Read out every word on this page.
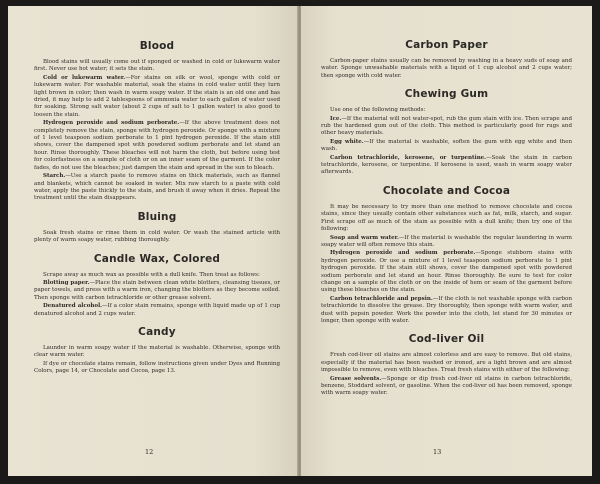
Blood

Blood stains will usually come out if sponged or washed in cold or lukewarm water first. Never use hot water; it sets the stain.

Cold or lukewarm water.—For stains on silk or wool, sponge with cold or lukewarm water. For washable material, soak the stains in cold water until they turn light brown in color; then wash in warm soapy water. If the stain is an old one and has dried, it may help to add 2 tablespoons of ammonia water to each gallon of water used for soaking. Strong salt water (about 2 cups of salt to 1 gallon water) is also good to loosen the stain.

Hydrogen peroxide and sodium perborate.—If the above treatment does not completely remove the stain, sponge with hydrogen peroxide. Or sponge with a mixture of 1 level teaspoon sodium perborate to 1 pint hydrogen peroxide. If the stain still shows, cover the dampened spot with powdered sodium perborate and let stand an hour. Rinse thoroughly. These bleaches will not harm the cloth, but before using test for colorfastness on a sample of cloth or on an inner seam of the garment. If the color fades, do not use the bleaches; just dampen the stain and spread in the sun to bleach.

Starch.—Use a starch paste to remove stains on thick materials, such as flannel and blankets, which cannot be soaked in water. Mix raw starch to a paste with cold water, apply the paste thickly to the stain, and brush it away when it dries. Repeat the treatment until the stain disappears.

Bluing

Soak fresh stains or rinse them in cold water. Or wash the stained article with plenty of warm soapy water, rubbing thoroughly.

Candle Wax, Colored

Scrape away as much wax as possible with a dull knife. Then treat as follows:

Blotting paper.—Place the stain between clean white blotters, cleansing tissues, or paper towels, and press with a warm iron, changing the blotters as they become soiled. Then sponge with carbon tetrachloride or other grease solvent.

Denatured alcohol.—If a color stain remains, sponge with liquid made up of 1 cup denatured alcohol and 2 cups water.

Candy

Launder in warm soapy water if the material is washable. Otherwise, sponge with clear warm water.

If dye or chocolate stains remain, follow instructions given under Dyes and Running Colors, page 14, or Chocolate and Cocoa, page 13.

12
Carbon Paper

Carbon-paper stains usually can be removed by washing in a heavy suds of soap and water. Sponge unwashable materials with a liquid of 1 cup alcohol and 2 cups water; then sponge with cold water.

Chewing Gum

Use one of the following methods:

Ice.—If the material will not water-spot, rub the gum stain with ice. Then scrape and rub the hardened gum out of the cloth. This method is particularly good for rugs and other heavy materials.

Egg white.—If the material is washable, soften the gum with egg white and then wash.

Carbon tetrachloride, kerosene, or turpentine.—Soak the stain in carbon tetrachloride, kerosene, or turpentine. If kerosene is used, wash in warm soapy water afterwards.

Chocolate and Cocoa

It may be necessary to try more than one method to remove chocolate and cocoa stains, since they usually contain other substances such as fat, milk, starch, and sugar. First scrape off as much of the stain as possible with a dull knife; then try one of the following:

Soap and warm water.—If the material is washable the regular laundering in warm soapy water will often remove this stain.

Hydrogen peroxide and sodium perborate.—Sponge stubborn stains with hydrogen peroxide. Or use a mixture of 1 level teaspoon sodium perborate to 1 pint hydrogen peroxide. If the stain still shows, cover the dampened spot with powdered sodium perborate and let stand an hour. Rinse thoroughly. Be sure to test for color change on a sample of the cloth or on the inside of hem or seam of the garment before using these bleaches on the stain.

Carbon tetrachloride and pepsin.—If the cloth is not washable sponge with carbon tetrachloride to dissolve the grease. Dry thoroughly, then sponge with warm water, and dust with pepsin powder. Work the powder into the cloth, let stand for 30 minutes or longer, then sponge with water.

Cod-liver Oil

Fresh cod-liver oil stains are almost colorless and are easy to remove. But old stains, especially if the material has been washed or ironed, are a light brown and are almost impossible to remove, even with bleaches. Treat fresh stains with either of the following:

Grease solvents.—Sponge or dip fresh cod-liver oil stains in carbon tetrachloride, benzene, Stoddard solvent, or gasoline. When the cod-liver oil has been removed, sponge with warm soapy water.

13
